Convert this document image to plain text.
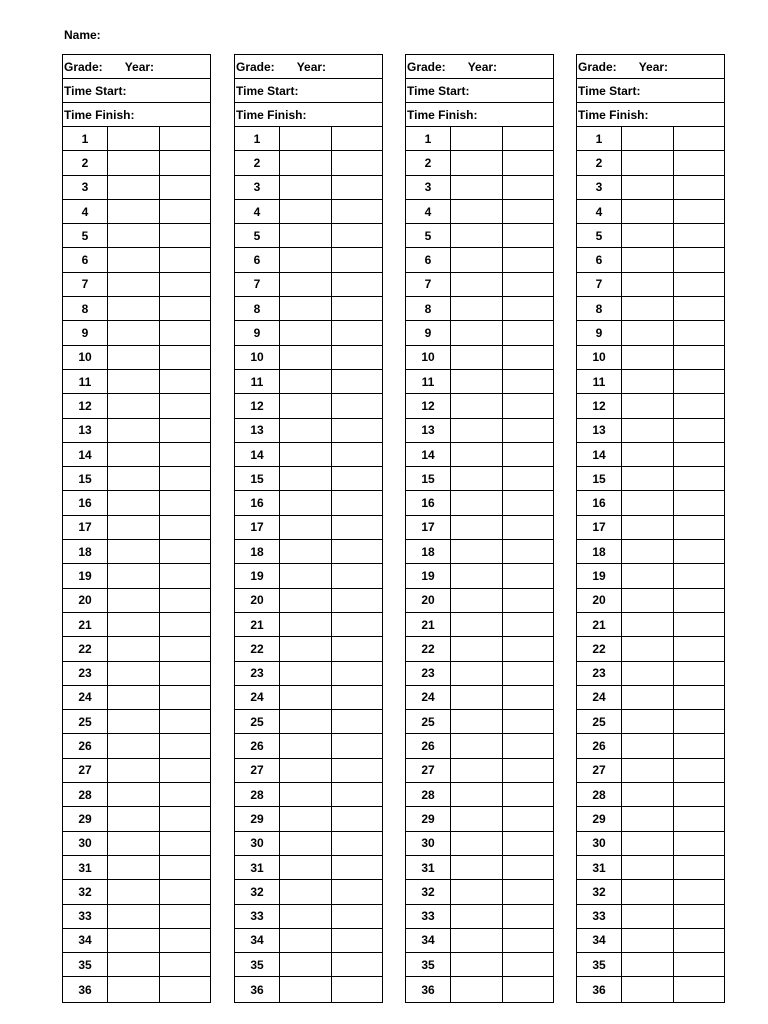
Name:
Grade: Year:
Time Start:
Time Finish:
1
2
3
4
5
6
7
8
9
10
11
12
13
14
15
16
17
18
19
20
21
22
23
24
25
26
27
28
29
30
31
32
33
34
35
36
Grade: Year:
Time Start:
Time Finish:
1
2
3
4
5
6
7
8
9
10
11
12
13
14
15
16
17
18
19
20
21
22
23
24
25
26
27
28
29
30
31
32
33
34
35
36
Grade: Year:
Time Start:
Time Finish:
1
2
3
4
5
6
7
8
9
10
11
12
13
14
15
16
17
18
19
20
21
22
23
24
25
26
27
28
29
30
31
32
33
34
35
36
Grade: Year:
Time Start:
Time Finish:
1
2
3
4
5
6
7
8
9
10
11
12
13
14
15
16
17
18
19
20
21
22
23
24
25
26
27
28
29
30
31
32
33
34
35
36
